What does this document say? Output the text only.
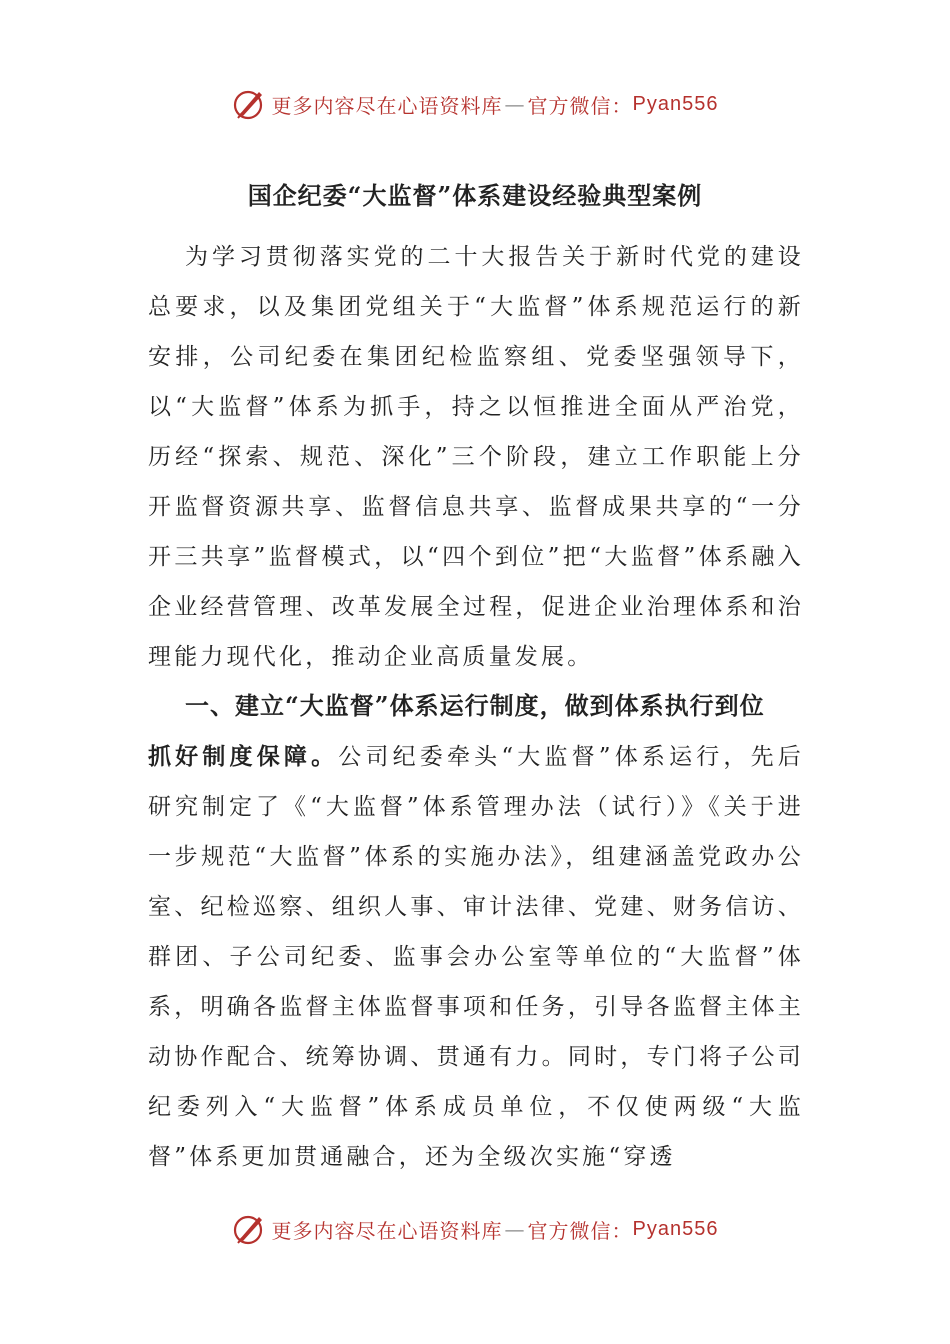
更多内容尽在心语资料库 — 官方微信： Pyan556
国企纪委“大监督”体系建设经验典型案例

为学习贯彻落实党的二十大报告关于新时代党的建设总要求，以及集团党组关于“大监督”体系规范运行的新安排，公司纪委在集团纪检监察组、党委坚强领导下，以“大监督”体系为抓手，持之以恒推进全面从严治党，历经“探索、规范、深化”三个阶段，建立工作职能上分开监督资源共享、监督信息共享、监督成果共享的“一分开三共享”监督模式，以“四个到位”把“大监督”体系融入企业经营管理、改革发展全过程，促进企业治理体系和治理能力现代化，推动企业高质量发展。

一、建立“大监督”体系运行制度，做到体系执行到位

抓好制度保障。公司纪委牵头“大监督”体系运行，先后研究制定了《“大监督”体系管理办法（试行）》《关于进一步规范“大监督”体系的实施办法》，组建涵盖党政办公室、纪检巡察、组织人事、审计法律、党建、财务信访、群团、子公司纪委、监事会办公室等单位的“大监督”体系，明确各监督主体监督事项和任务，引导各监督主体主动协作配合、统筹协调、贯通有力。同时，专门将子公司纪委列入“大监督”体系成员单位，不仅使两级“大监督”体系更加贯通融合，还为全级次实施“穿透

更多内容尽在心语资料库 — 官方微信： Pyan556
